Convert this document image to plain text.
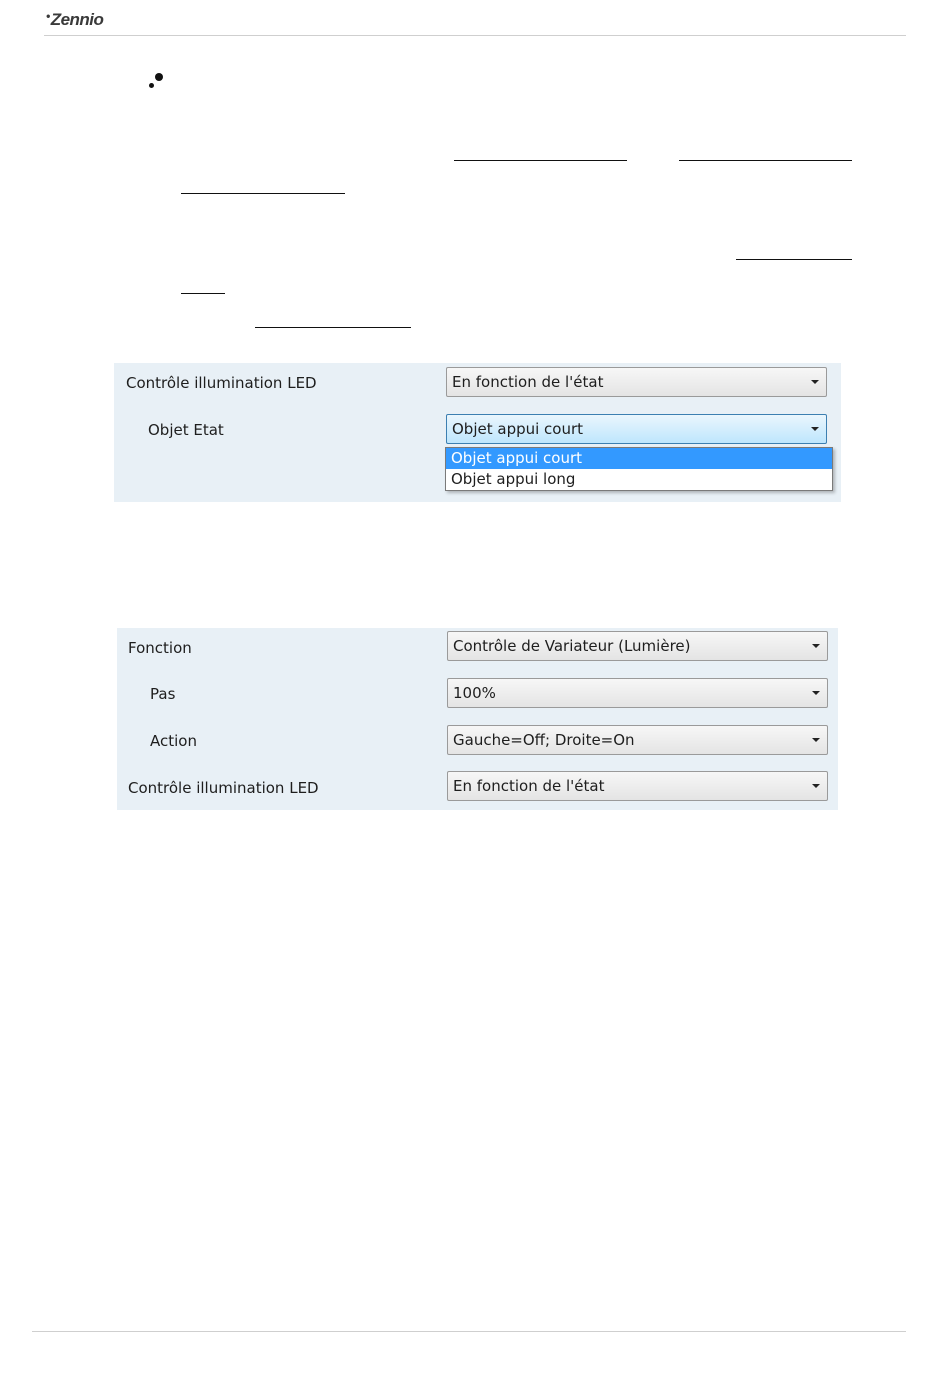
•Zennio
Contrôle illumination LED	En fonction de l'état
Objet Etat	Objet appui court
Objet appui court
Objet appui long
Fonction	Contrôle de Variateur (Lumière)
Pas	100%
Action	Gauche=Off; Droite=On
Contrôle illumination LED	En fonction de l'état
